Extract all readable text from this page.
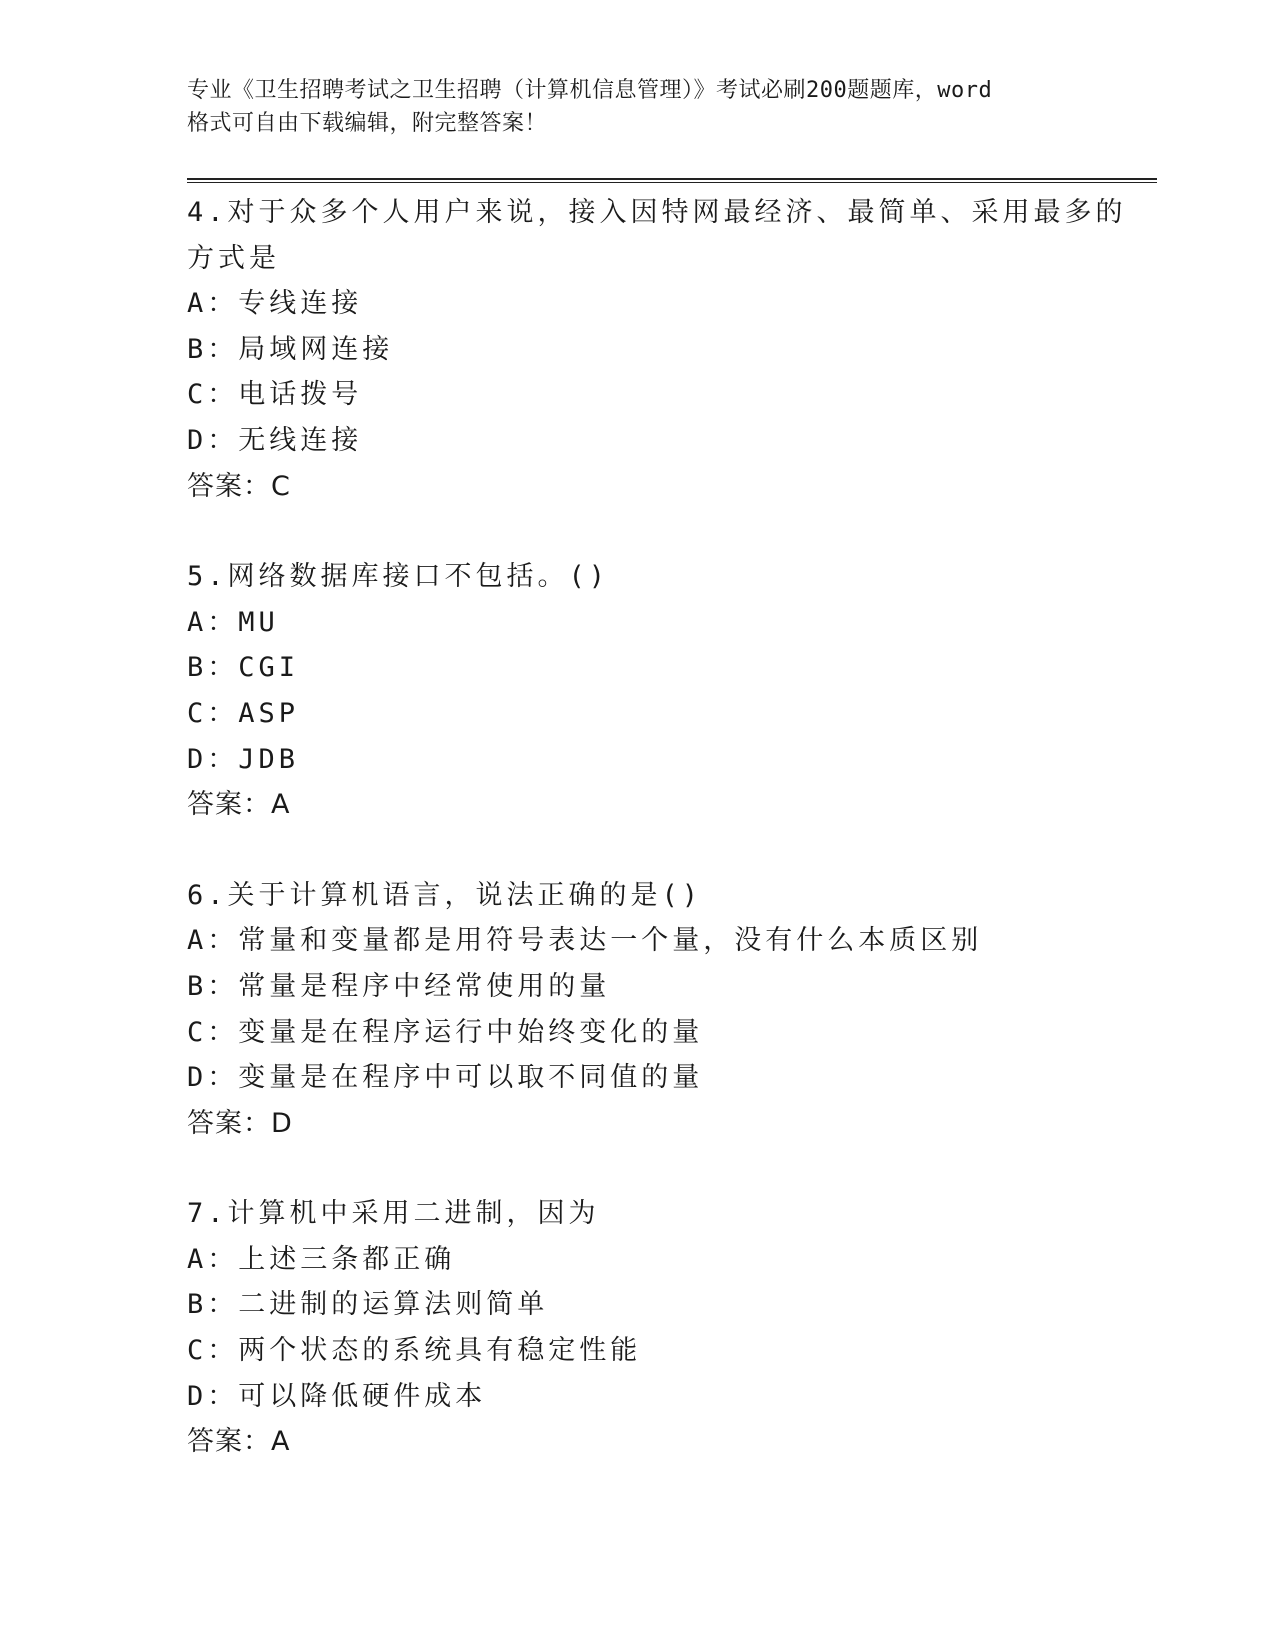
专业《卫生招聘考试之卫生招聘（计算机信息管理）》考试必刷200题题库，word
格式可自由下载编辑，附完整答案！
4.对于众多个人用户来说，接入因特网最经济、最简单、采用最多的
方式是
A：专线连接
B：局域网连接
C：电话拨号
D：无线连接
答案：C
5.网络数据库接口不包括。()
A：MU
B：CGI
C：ASP
D：JDB
答案：A
6.关于计算机语言，说法正确的是()
A：常量和变量都是用符号表达一个量，没有什么本质区别
B：常量是程序中经常使用的量
C：变量是在程序运行中始终变化的量
D：变量是在程序中可以取不同值的量
答案：D
7.计算机中采用二进制，因为
A：上述三条都正确
B：二进制的运算法则简单
C：两个状态的系统具有稳定性能
D：可以降低硬件成本
答案：A
